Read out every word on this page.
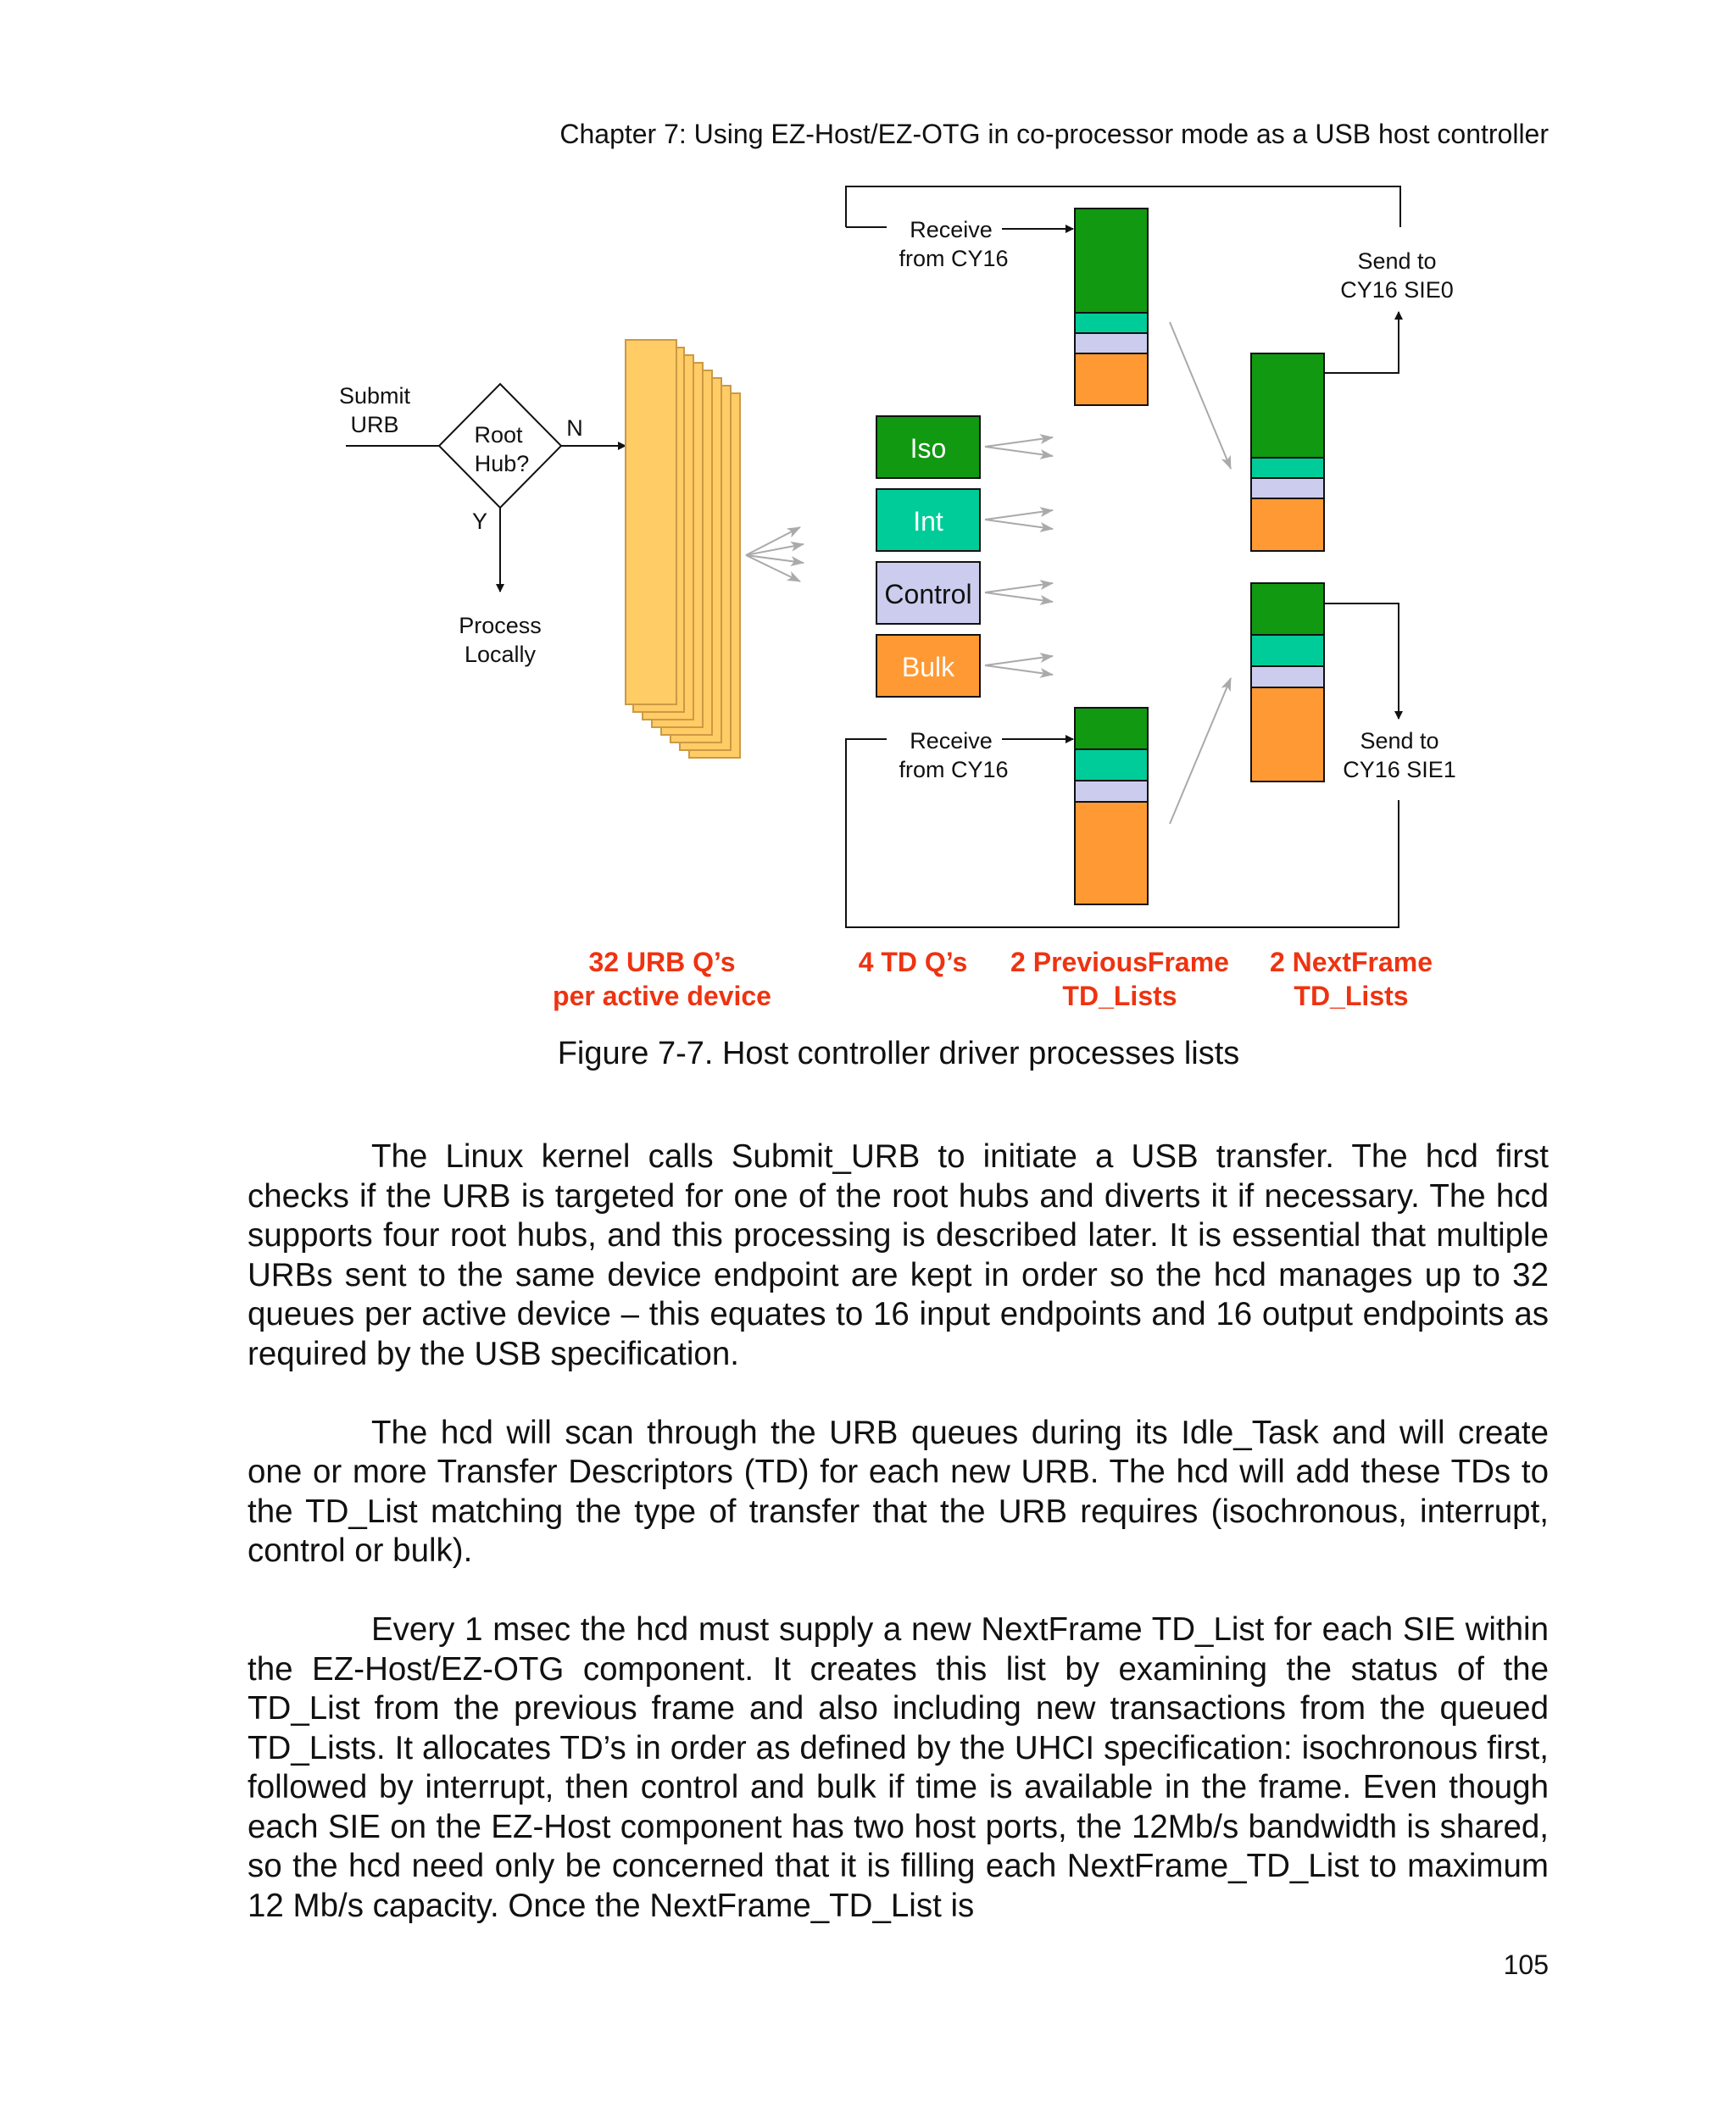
Chapter 7: Using EZ-Host/EZ-OTG in co-processor mode as a USB host controller
Submit
URB	Root
Hub?
N
Y
Process
Locally
Iso
Int
Control
Bulk
Receive
from CY16	Send to
CY16 SIE0
Send to
CY16 SIE1
Receive
from CY16
32 URB Q’s
per active device
4 TD Q’s 2 PreviousFrame
TD_Lists
2 NextFrame
TD_Lists
Figure 7-7. Host controller driver processes lists

The Linux kernel calls Submit_URB to initiate a USB transfer. The hcd first checks if the URB is targeted for one of the root hubs and diverts it if necessary. The hcd supports four root hubs, and this processing is described later. It is essential that multiple URBs sent to the same device endpoint are kept in order so the hcd manages up to 32 queues per active device – this equates to 16 input endpoints and 16 output endpoints as required by the USB specification.

The hcd will scan through the URB queues during its Idle_Task and will create one or more Transfer Descriptors (TD) for each new URB. The hcd will add these TDs to the TD_List matching the type of transfer that the URB requires (isochronous, interrupt, control or bulk).

Every 1 msec the hcd must supply a new NextFrame TD_List for each SIE within the EZ-Host/EZ-OTG component. It creates this list by examining the status of the TD_List from the previous frame and also including new transactions from the queued TD_Lists. It allocates TD’s in order as defined by the UHCI specification: isochronous first, followed by interrupt, then control and bulk if time is available in the frame. Even though each SIE on the EZ-Host component has two host ports, the 12Mb/s bandwidth is shared, so the hcd need only be concerned that it is filling each NextFrame_TD_List to maximum 12 Mb/s capacity. Once the NextFrame_TD_List is

105
